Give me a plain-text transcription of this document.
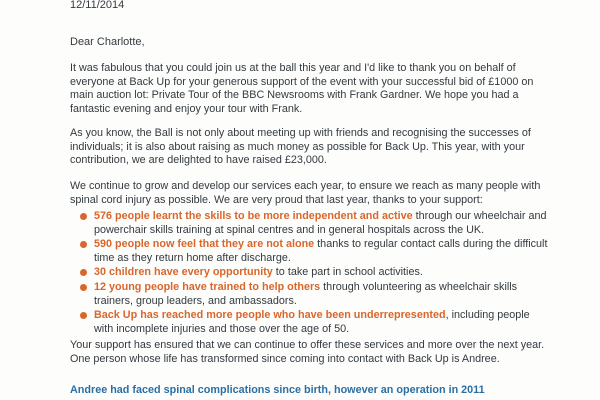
12/11/2014
Dear Charlotte,

It was fabulous that you could join us at the ball this year and I'd like to thank you on behalf of everyone at Back Up for your generous support of the event with your successful bid of £1000 on main auction lot: Private Tour of the BBC Newsrooms with Frank Gardner. We hope you had a fantastic evening and enjoy your tour with Frank.

As you know, the Ball is not only about meeting up with friends and recognising the successes of individuals; it is also about raising as much money as possible for Back Up. This year, with your contribution, we are delighted to have raised £23,000.

We continue to grow and develop our services each year, to ensure we reach as many people with spinal cord injury as possible. We are very proud that last year, thanks to your support:

576 people learnt the skills to be more independent and active through our wheelchair and powerchair skills training at spinal centres and in general hospitals across the UK.
590 people now feel that they are not alone thanks to regular contact calls during the difficult time as they return home after discharge.
30 children have every opportunity to take part in school activities.
12 young people have trained to help others through volunteering as wheelchair skills trainers, group leaders, and ambassadors.
Back Up has reached more people who have been underrepresented, including people with incomplete injuries and those over the age of 50.

Your support has ensured that we can continue to offer these services and more over the next year. One person whose life has transformed since coming into contact with Back Up is Andree.

Andree had faced spinal complications since birth, however an operation in 2011
